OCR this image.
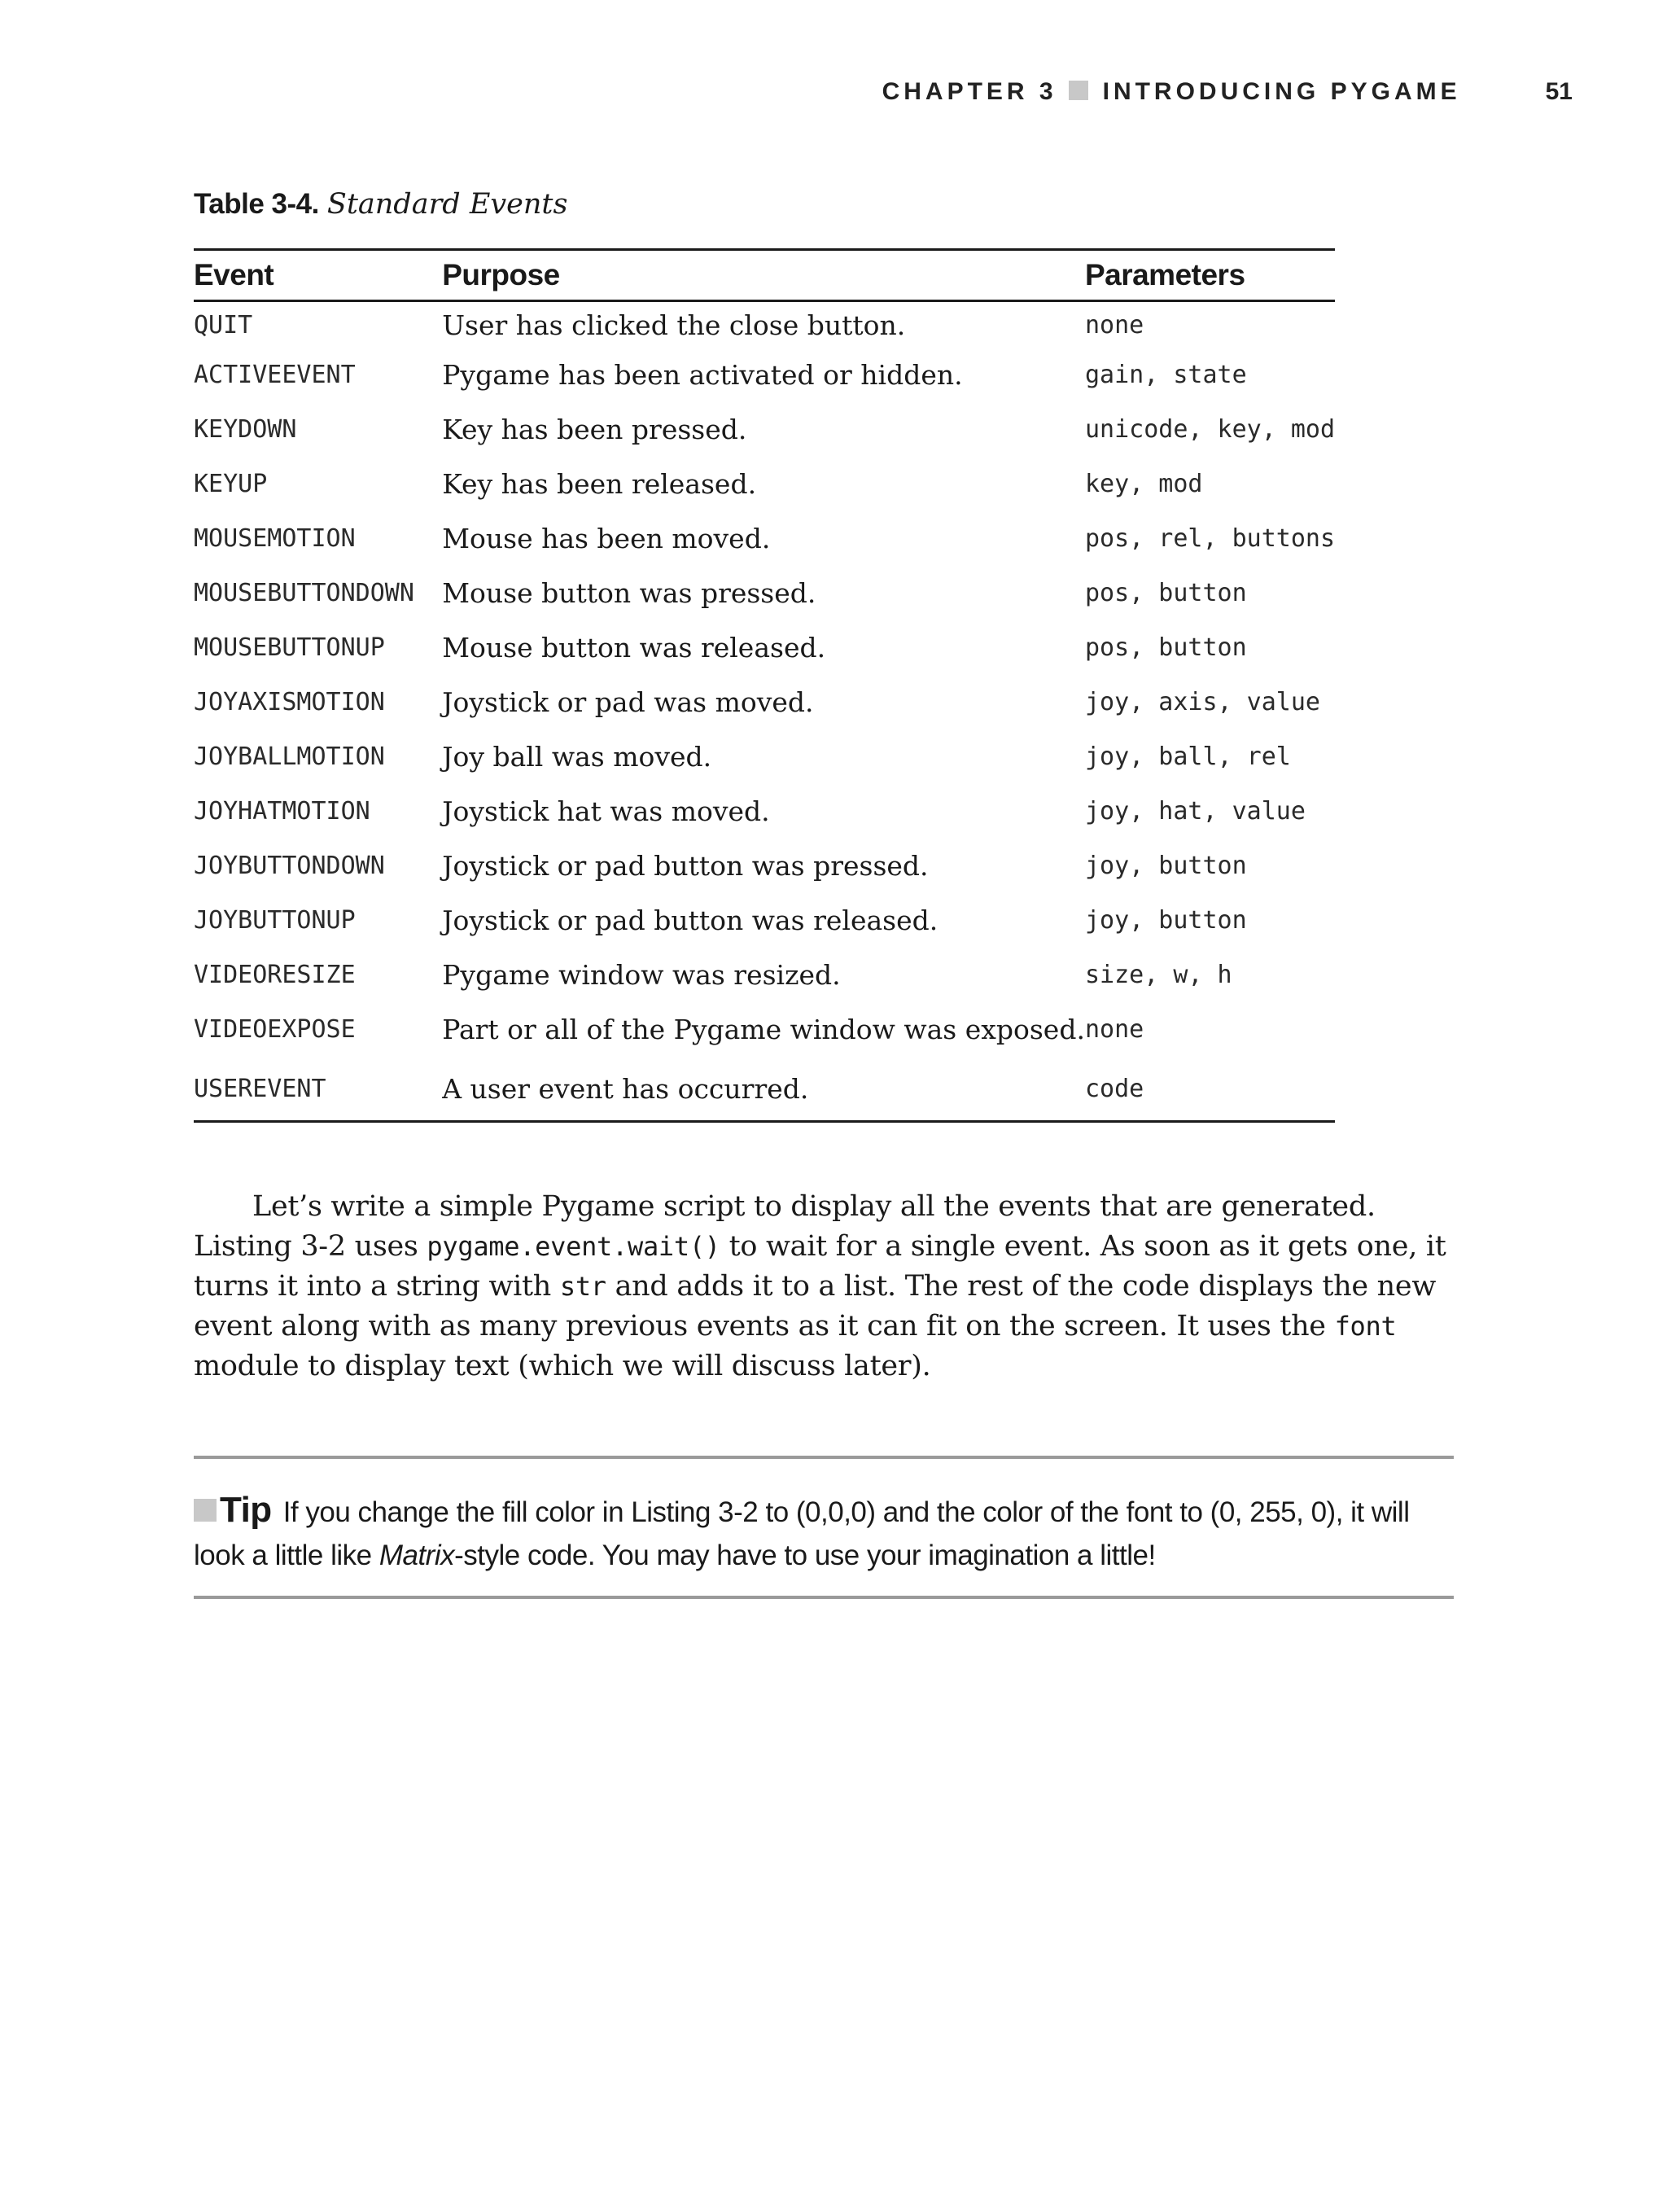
CHAPTER 3 INTRODUCING PYGAME	51
Table 3-4. Standard Events
Event	Purpose	Parameters
QUIT	User has clicked the close button.	none
ACTIVEEVENT	Pygame has been activated or hidden.	gain, state
KEYDOWN	Key has been pressed.	unicode, key, mod
KEYUP	Key has been released.	key, mod
MOUSEMOTION	Mouse has been moved.	pos, rel, buttons
MOUSEBUTTONDOWN	Mouse button was pressed.	pos, button
MOUSEBUTTONUP	Mouse button was released.	pos, button
JOYAXISMOTION	Joystick or pad was moved.	joy, axis, value
JOYBALLMOTION	Joy ball was moved.	joy, ball, rel
JOYHATMOTION	Joystick hat was moved.	joy, hat, value
JOYBUTTONDOWN	Joystick or pad button was pressed.	joy, button
JOYBUTTONUP	Joystick or pad button was released.	joy, button
VIDEORESIZE	Pygame window was resized.	size, w, h
VIDEOEXPOSE	Part or all of the Pygame window was exposed.	none
USEREVENT	A user event has occurred.	code

Let’s write a simple Pygame script to display all the events that are generated. Listing 3-2 uses pygame.event.wait() to wait for a single event. As soon as it gets one, it turns it into a string with str and adds it to a list. The rest of the code displays the new event along with as many previous events as it can fit on the screen. It uses the font module to display text (which we will discuss later).

Tip If you change the fill color in Listing 3-2 to (0,0,0) and the color of the font to (0, 255, 0), it will look a little like Matrix-style code. You may have to use your imagination a little!
